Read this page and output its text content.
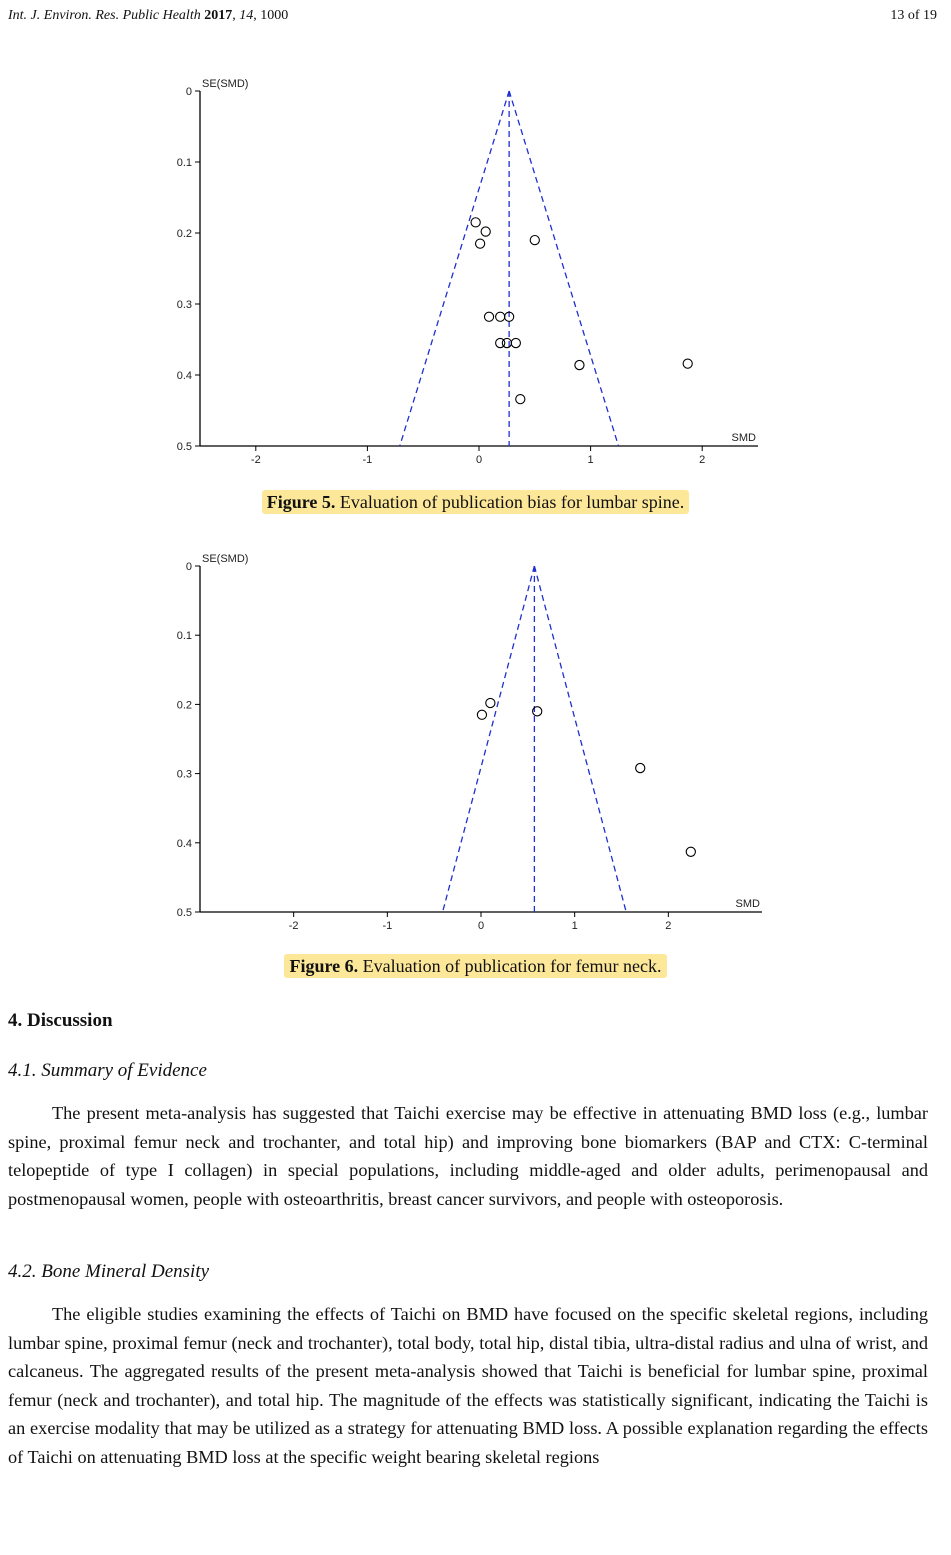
Int. J. Environ. Res. Public Health 2017, 14, 1000	13 of 19
0
0.1
0.2
0.3
0.4
0.5
-2	-1	0	1	2
SE(SMD)
SMD
Figure 5. Evaluation of publication bias for lumbar spine.
0
0.1
0.2
0.3
0.4
0.5
-2	-1	0	1	2
SE(SMD)
SMD
Figure 6. Evaluation of publication for femur neck.
4. Discussion
4.1. Summary of Evidence

The present meta-analysis has suggested that Taichi exercise may be effective in attenuating BMD loss (e.g., lumbar spine, proximal femur neck and trochanter, and total hip) and improving bone biomarkers (BAP and CTX: C-terminal telopeptide of type I collagen) in special populations, including middle-aged and older adults, perimenopausal and postmenopausal women, people with osteoarthritis, breast cancer survivors, and people with osteoporosis.

4.2. Bone Mineral Density

The eligible studies examining the effects of Taichi on BMD have focused on the specific skeletal regions, including lumbar spine, proximal femur (neck and trochanter), total body, total hip, distal tibia, ultra-distal radius and ulna of wrist, and calcaneus. The aggregated results of the present meta-analysis showed that Taichi is beneficial for lumbar spine, proximal femur (neck and trochanter), and total hip. The magnitude of the effects was statistically significant, indicating the Taichi is an exercise modality that may be utilized as a strategy for attenuating BMD loss. A possible explanation regarding the effects of Taichi on attenuating BMD loss at the specific weight bearing skeletal regions
